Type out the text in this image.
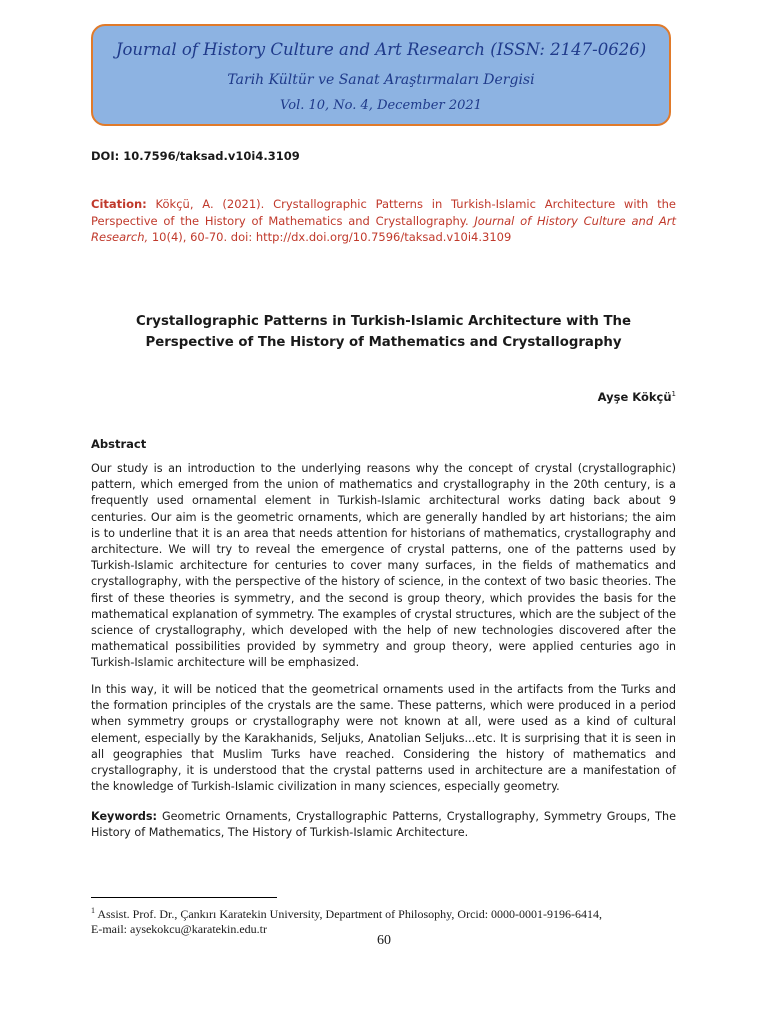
Journal of History Culture and Art Research (ISSN: 2147-0626)
Tarih Kültür ve Sanat Araştırmaları Dergisi
Vol. 10, No. 4, December 2021
DOI: 10.7596/taksad.v10i4.3109
Citation: Kökçü, A. (2021). Crystallographic Patterns in Turkish-Islamic Architecture with the Perspective of the History of Mathematics and Crystallography. Journal of History Culture and Art Research, 10(4), 60-70. doi: http://dx.doi.org/10.7596/taksad.v10i4.3109
Crystallographic Patterns in Turkish-Islamic Architecture with The Perspective of The History of Mathematics and Crystallography
Ayşe Kökçü$^1$
Abstract
Our study is an introduction to the underlying reasons why the concept of crystal (crystallographic) pattern, which emerged from the union of mathematics and crystallography in the 20th century, is a frequently used ornamental element in Turkish-Islamic architectural works dating back about 9 centuries. Our aim is the geometric ornaments, which are generally handled by art historians; the aim is to underline that it is an area that needs attention for historians of mathematics, crystallography and architecture. We will try to reveal the emergence of crystal patterns, one of the patterns used by Turkish-Islamic architecture for centuries to cover many surfaces, in the fields of mathematics and crystallography, with the perspective of the history of science, in the context of two basic theories. The first of these theories is symmetry, and the second is group theory, which provides the basis for the mathematical explanation of symmetry. The examples of crystal structures, which are the subject of the science of crystallography, which developed with the help of new technologies discovered after the mathematical possibilities provided by symmetry and group theory, were applied centuries ago in Turkish-Islamic architecture will be emphasized.
In this way, it will be noticed that the geometrical ornaments used in the artifacts from the Turks and the formation principles of the crystals are the same. These patterns, which were produced in a period when symmetry groups or crystallography were not known at all, were used as a kind of cultural element, especially by the Karakhanids, Seljuks, Anatolian Seljuks...etc. It is surprising that it is seen in all geographies that Muslim Turks have reached. Considering the history of mathematics and crystallography, it is understood that the crystal patterns used in architecture are a manifestation of the knowledge of Turkish-Islamic civilization in many sciences, especially geometry.
Keywords: Geometric Ornaments, Crystallographic Patterns, Crystallography, Symmetry Groups, The History of Mathematics, The History of Turkish-Islamic Architecture.
$^1$ Assist. Prof. Dr., Çankırı Karatekin University, Department of Philosophy, Orcid: 0000-0001-9196-6414,
E-mail: aysekokcu@karatekin.edu.tr
60
